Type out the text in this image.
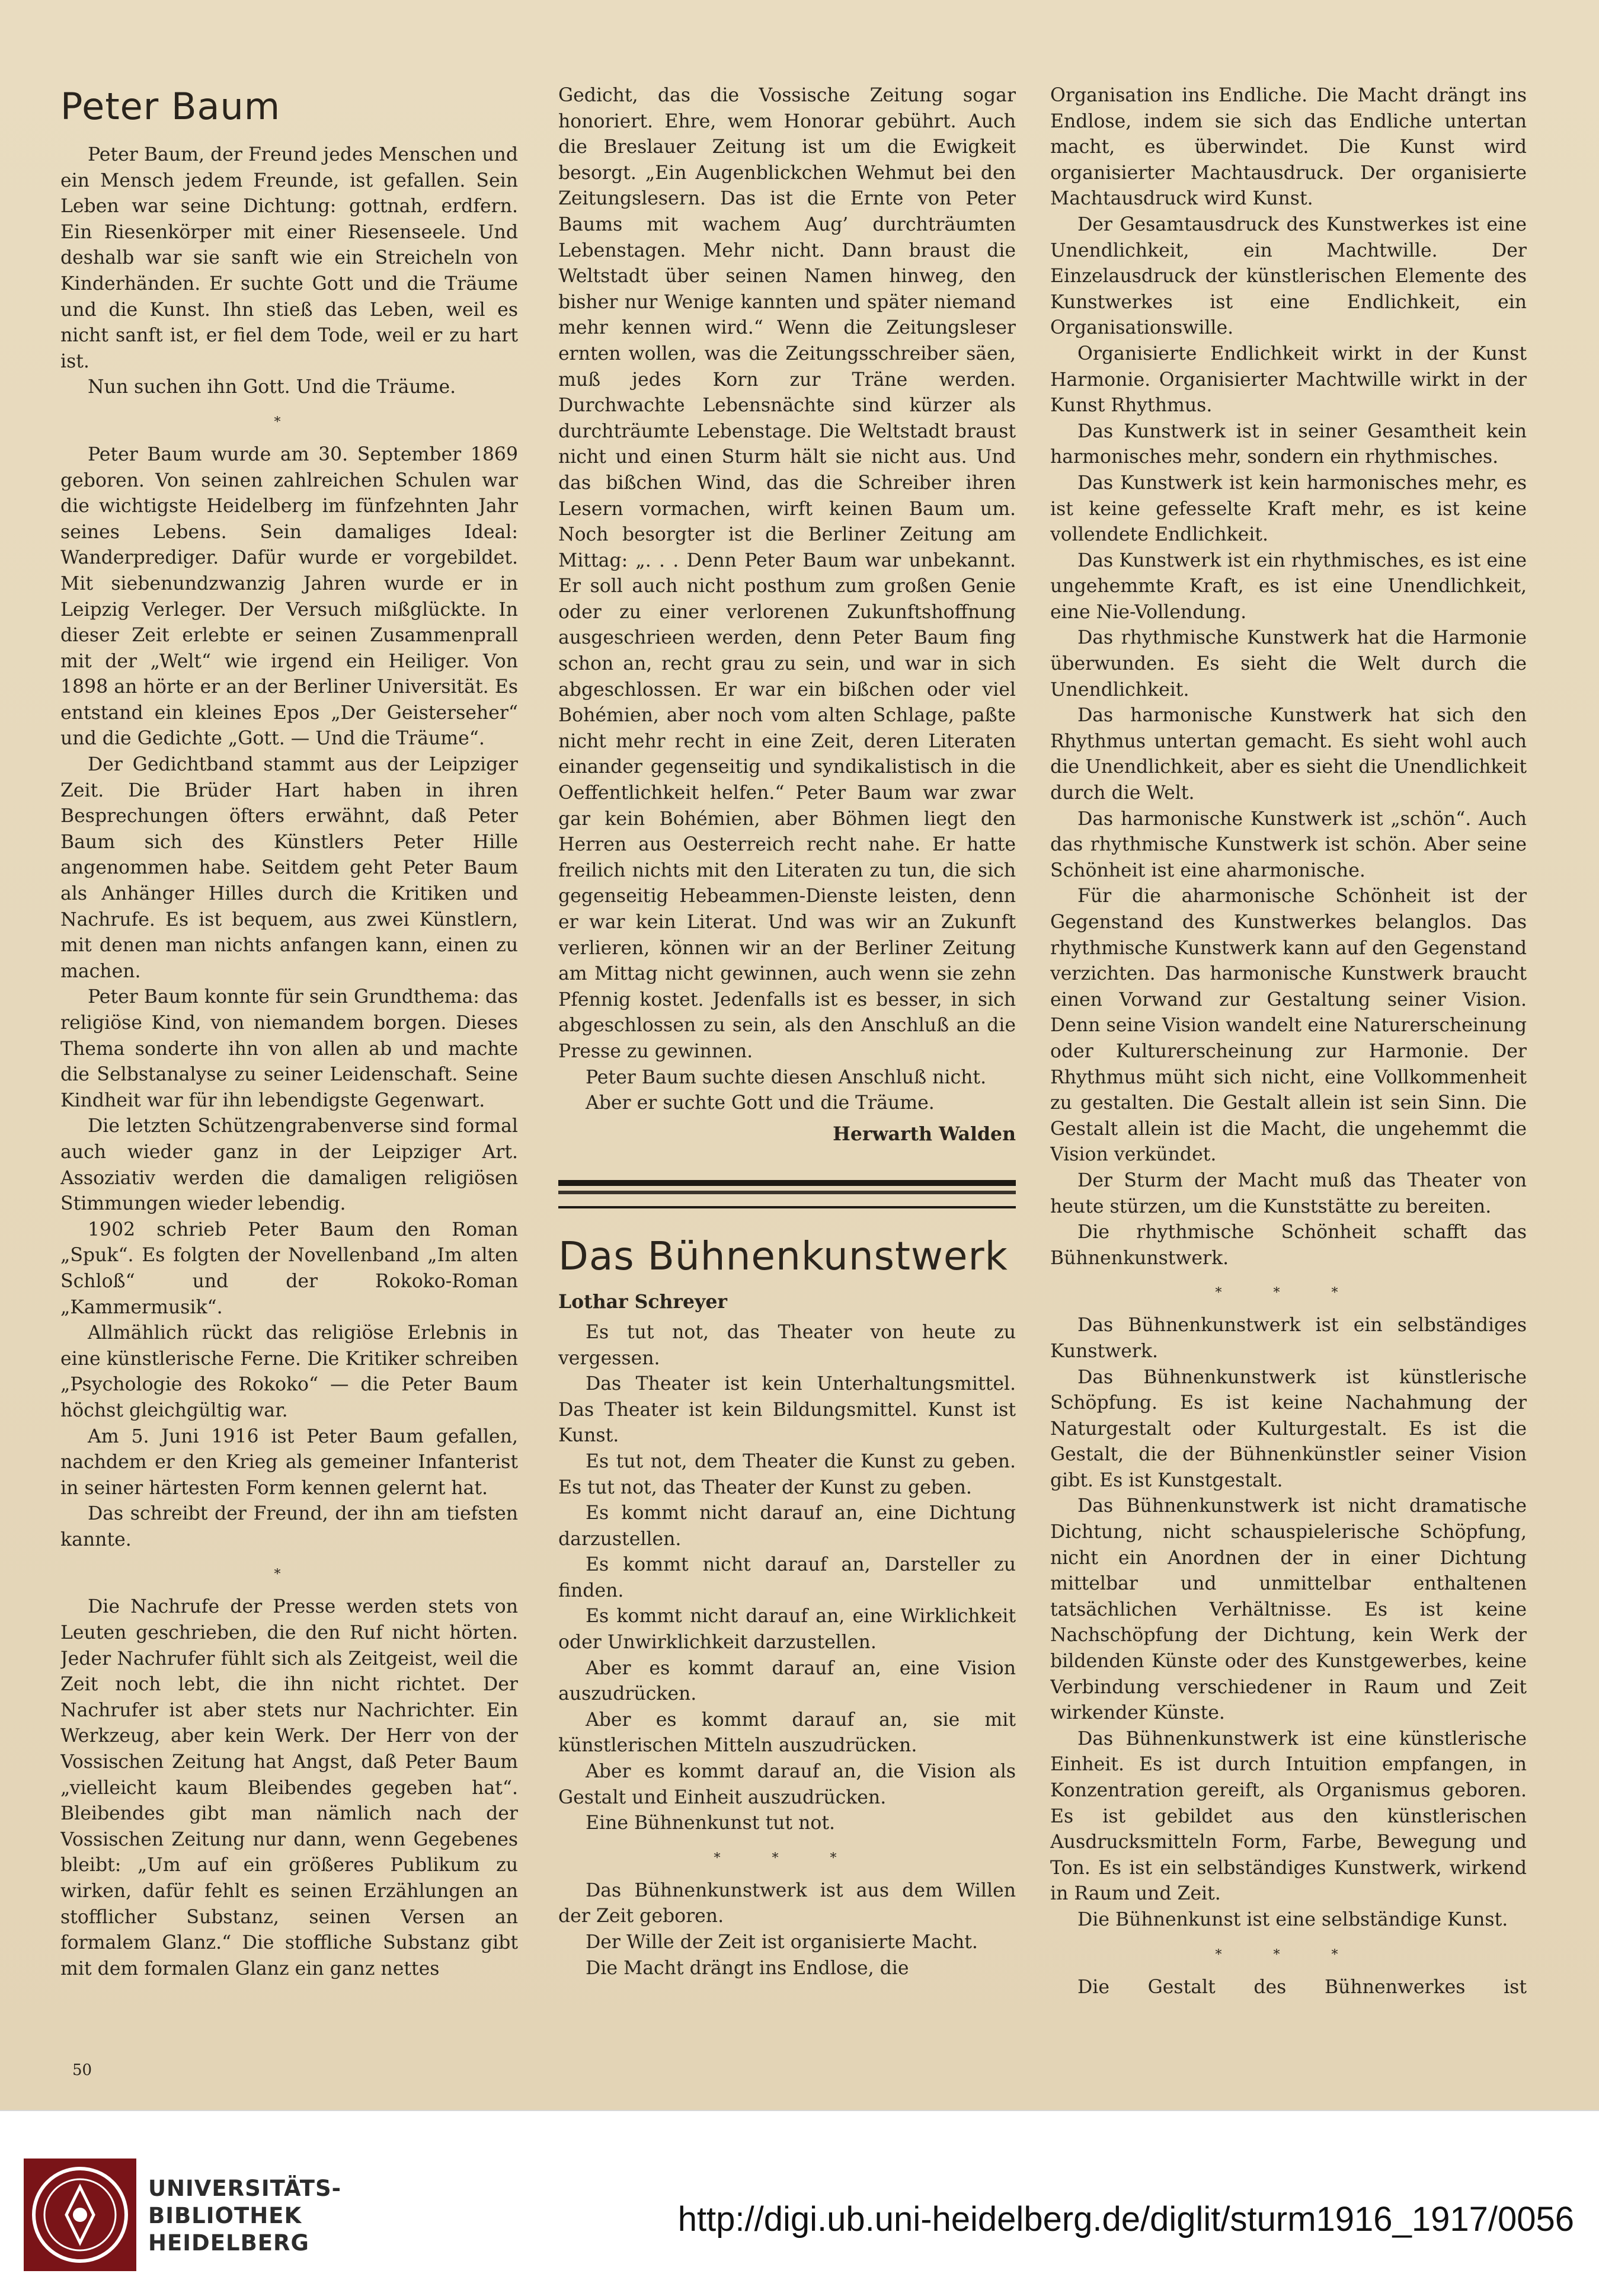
Peter Baum

Peter Baum, der Freund jedes Menschen und ein Mensch jedem Freunde, ist gefallen. Sein Leben war seine Dichtung: gottnah, erdfern. Ein Riesenkörper mit einer Riesenseele. Und deshalb war sie sanft wie ein Streicheln von Kinderhänden. Er suchte Gott und die Träume und die Kunst. Ihn stieß das Leben, weil es nicht sanft ist, er fiel dem Tode, weil er zu hart ist.

Nun suchen ihn Gott. Und die Träume.

*

Peter Baum wurde am 30. September 1869 geboren. Von seinen zahlreichen Schulen war die wichtigste Heidelberg im fünfzehnten Jahr seines Lebens. Sein damaliges Ideal: Wanderprediger. Dafür wurde er vorgebildet. Mit siebenundzwanzig Jahren wurde er in Leipzig Verleger. Der Versuch mißglückte. In dieser Zeit erlebte er seinen Zusammenprall mit der „Welt“ wie irgend ein Heiliger. Von 1898 an hörte er an der Berliner Universität. Es entstand ein kleines Epos „Der Geisterseher“ und die Gedichte „Gott. — Und die Träume“.

Der Gedichtband stammt aus der Leipziger Zeit. Die Brüder Hart haben in ihren Besprechungen öfters erwähnt, daß Peter Baum sich des Künstlers Peter Hille angenommen habe. Seitdem geht Peter Baum als Anhänger Hilles durch die Kritiken und Nachrufe. Es ist bequem, aus zwei Künstlern, mit denen man nichts anfangen kann, einen zu machen.

Peter Baum konnte für sein Grundthema: das religiöse Kind, von niemandem borgen. Dieses Thema sonderte ihn von allen ab und machte die Selbstanalyse zu seiner Leidenschaft. Seine Kindheit war für ihn lebendigste Gegenwart.

Die letzten Schützengrabenverse sind formal auch wieder ganz in der Leipziger Art. Assoziativ werden die damaligen religiösen Stimmungen wieder lebendig.

1902 schrieb Peter Baum den Roman „Spuk“. Es folgten der Novellenband „Im alten Schloß“ und der Rokoko-Roman „Kammermusik“.

Allmählich rückt das religiöse Erlebnis in eine künstlerische Ferne. Die Kritiker schreiben „Psychologie des Rokoko“ — die Peter Baum höchst gleichgültig war.

Am 5. Juni 1916 ist Peter Baum gefallen, nachdem er den Krieg als gemeiner Infanterist in seiner härtesten Form kennen gelernt hat.

Das schreibt der Freund, der ihn am tiefsten kannte.

*

Die Nachrufe der Presse werden stets von Leuten geschrieben, die den Ruf nicht hörten. Jeder Nachrufer fühlt sich als Zeitgeist, weil die Zeit noch lebt, die ihn nicht richtet. Der Nachrufer ist aber stets nur Nachrichter. Ein Werkzeug, aber kein Werk. Der Herr von der Vossischen Zeitung hat Angst, daß Peter Baum „vielleicht kaum Bleibendes gegeben hat“. Bleibendes gibt man nämlich nach der Vossischen Zeitung nur dann, wenn Gegebenes bleibt: „Um auf ein größeres Publikum zu wirken, dafür fehlt es seinen Erzählungen an stofflicher Substanz, seinen Versen an formalem Glanz.“ Die stoffliche Substanz gibt mit dem formalen Glanz ein ganz nettes

Gedicht, das die Vossische Zeitung sogar honoriert. Ehre, wem Honorar gebührt. Auch die Breslauer Zeitung ist um die Ewigkeit besorgt. „Ein Augenblickchen Wehmut bei den Zeitungslesern. Das ist die Ernte von Peter Baums mit wachem Aug’ durchträumten Lebenstagen. Mehr nicht. Dann braust die Weltstadt über seinen Namen hinweg, den bisher nur Wenige kannten und später niemand mehr kennen wird.“ Wenn die Zeitungsleser ernten wollen, was die Zeitungsschreiber säen, muß jedes Korn zur Träne werden. Durchwachte Lebensnächte sind kürzer als durchträumte Lebenstage. Die Weltstadt braust nicht und einen Sturm hält sie nicht aus. Und das bißchen Wind, das die Schreiber ihren Lesern vormachen, wirft keinen Baum um. Noch besorgter ist die Berliner Zeitung am Mittag: „. . . Denn Peter Baum war unbekannt. Er soll auch nicht posthum zum großen Genie oder zu einer verlorenen Zukunftshoffnung ausgeschrieen werden, denn Peter Baum fing schon an, recht grau zu sein, und war in sich abgeschlossen. Er war ein bißchen oder viel Bohémien, aber noch vom alten Schlage, paßte nicht mehr recht in eine Zeit, deren Literaten einander gegenseitig und syndikalistisch in die Oeffentlichkeit helfen.“ Peter Baum war zwar gar kein Bohémien, aber Böhmen liegt den Herren aus Oesterreich recht nahe. Er hatte freilich nichts mit den Literaten zu tun, die sich gegenseitig Hebeammen-Dienste leisten, denn er war kein Literat. Und was wir an Zukunft verlieren, können wir an der Berliner Zeitung am Mittag nicht gewinnen, auch wenn sie zehn Pfennig kostet. Jedenfalls ist es besser, in sich abgeschlossen zu sein, als den Anschluß an die Presse zu gewinnen.

Peter Baum suchte diesen Anschluß nicht.

Aber er suchte Gott und die Träume.

Herwarth Walden
Das Bühnenkunstwerk
Lothar Schreyer

Es tut not, das Theater von heute zu vergessen.

Das Theater ist kein Unterhaltungsmittel. Das Theater ist kein Bildungsmittel. Kunst ist Kunst.

Es tut not, dem Theater die Kunst zu geben. Es tut not, das Theater der Kunst zu geben.

Es kommt nicht darauf an, eine Dichtung darzustellen.

Es kommt nicht darauf an, Darsteller zu finden.

Es kommt nicht darauf an, eine Wirklichkeit oder Unwirklichkeit darzustellen.

Aber es kommt darauf an, eine Vision auszudrücken.

Aber es kommt darauf an, sie mit künstlerischen Mitteln auszudrücken.

Aber es kommt darauf an, die Vision als Gestalt und Einheit auszudrücken.

Eine Bühnenkunst tut not.

* * *

Das Bühnenkunstwerk ist aus dem Willen der Zeit geboren.

Der Wille der Zeit ist organisierte Macht.

Die Macht drängt ins Endlose, die

Organisation ins Endliche. Die Macht drängt ins Endlose, indem sie sich das Endliche untertan macht, es überwindet. Die Kunst wird organisierter Machtausdruck. Der organisierte Machtausdruck wird Kunst.

Der Gesamtausdruck des Kunstwerkes ist eine Unendlichkeit, ein Machtwille. Der Einzelausdruck der künstlerischen Elemente des Kunstwerkes ist eine Endlichkeit, ein Organisationswille.

Organisierte Endlichkeit wirkt in der Kunst Harmonie. Organisierter Machtwille wirkt in der Kunst Rhythmus.

Das Kunstwerk ist in seiner Gesamtheit kein harmonisches mehr, sondern ein rhythmisches.

Das Kunstwerk ist kein harmonisches mehr, es ist keine gefesselte Kraft mehr, es ist keine vollendete Endlichkeit.

Das Kunstwerk ist ein rhythmisches, es ist eine ungehemmte Kraft, es ist eine Unendlichkeit, eine Nie-Vollendung.

Das rhythmische Kunstwerk hat die Harmonie überwunden. Es sieht die Welt durch die Unendlichkeit.

Das harmonische Kunstwerk hat sich den Rhythmus untertan gemacht. Es sieht wohl auch die Unendlichkeit, aber es sieht die Unendlichkeit durch die Welt.

Das harmonische Kunstwerk ist „schön“. Auch das rhythmische Kunstwerk ist schön. Aber seine Schönheit ist eine aharmonische.

Für die aharmonische Schönheit ist der Gegenstand des Kunstwerkes belanglos. Das rhythmische Kunstwerk kann auf den Gegenstand verzichten. Das harmonische Kunstwerk braucht einen Vorwand zur Gestaltung seiner Vision. Denn seine Vision wandelt eine Naturerscheinung oder Kulturerscheinung zur Harmonie. Der Rhythmus müht sich nicht, eine Vollkommenheit zu gestalten. Die Gestalt allein ist sein Sinn. Die Gestalt allein ist die Macht, die ungehemmt die Vision verkündet.

Der Sturm der Macht muß das Theater von heute stürzen, um die Kunststätte zu bereiten.

Die rhythmische Schönheit schafft das Bühnenkunstwerk.

* * *

Das Bühnenkunstwerk ist ein selbständiges Kunstwerk.

Das Bühnenkunstwerk ist künstlerische Schöpfung. Es ist keine Nachahmung der Naturgestalt oder Kulturgestalt. Es ist die Gestalt, die der Bühnenkünstler seiner Vision gibt. Es ist Kunstgestalt.

Das Bühnenkunstwerk ist nicht dramatische Dichtung, nicht schauspielerische Schöpfung, nicht ein Anordnen der in einer Dichtung mittelbar und unmittelbar enthaltenen tatsächlichen Verhältnisse. Es ist keine Nachschöpfung der Dichtung, kein Werk der bildenden Künste oder des Kunstgewerbes, keine Verbindung verschiedener in Raum und Zeit wirkender Künste.

Das Bühnenkunstwerk ist eine künstlerische Einheit. Es ist durch Intuition empfangen, in Konzentration gereift, als Organismus geboren. Es ist gebildet aus den künstlerischen Ausdrucksmitteln Form, Farbe, Bewegung und Ton. Es ist ein selbständiges Kunstwerk, wirkend in Raum und Zeit.

Die Bühnenkunst ist eine selbständige Kunst.

* * *

Die Gestalt des Bühnenwerkes ist

50
UNIVERSITÄTS-
BIBLIOTHEK
HEIDELBERG
http://digi.ub.uni-heidelberg.de/diglit/sturm1916_1917/0056
